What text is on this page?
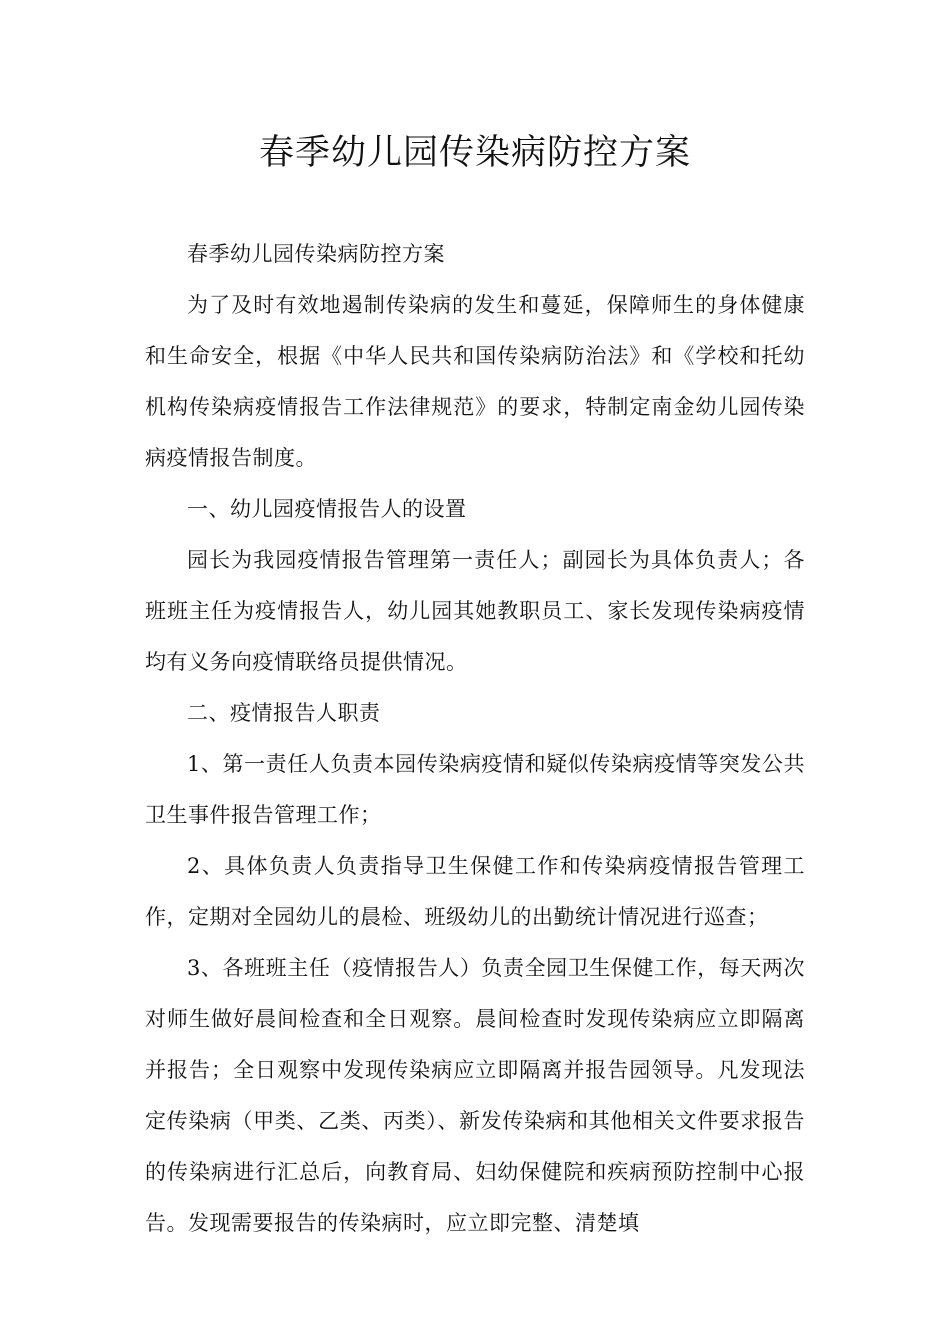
春季幼儿园传染病防控方案

春季幼儿园传染病防控方案

为了及时有效地遏制传染病的发生和蔓延，保障师生的身体健康和生命安全，根据《中华人民共和国传染病防治法》和《学校和托幼机构传染病疫情报告工作法律规范》的要求，特制定南金幼儿园传染病疫情报告制度。

一、幼儿园疫情报告人的设置

园长为我园疫情报告管理第一责任人；副园长为具体负责人；各班班主任为疫情报告人，幼儿园其她教职员工、家长发现传染病疫情均有义务向疫情联络员提供情况。

二、疫情报告人职责

1、第一责任人负责本园传染病疫情和疑似传染病疫情等突发公共卫生事件报告管理工作；

2、具体负责人负责指导卫生保健工作和传染病疫情报告管理工作，定期对全园幼儿的晨检、班级幼儿的出勤统计情况进行巡查；

3、各班班主任（疫情报告人）负责全园卫生保健工作，每天两次对师生做好晨间检查和全日观察。晨间检查时发现传染病应立即隔离并报告；全日观察中发现传染病应立即隔离并报告园领导。凡发现法定传染病（甲类、乙类、丙类）、新发传染病和其他相关文件要求报告的传染病进行汇总后，向教育局、妇幼保健院和疾病预防控制中心报告。发现需要报告的传染病时，应立即完整、清楚填
